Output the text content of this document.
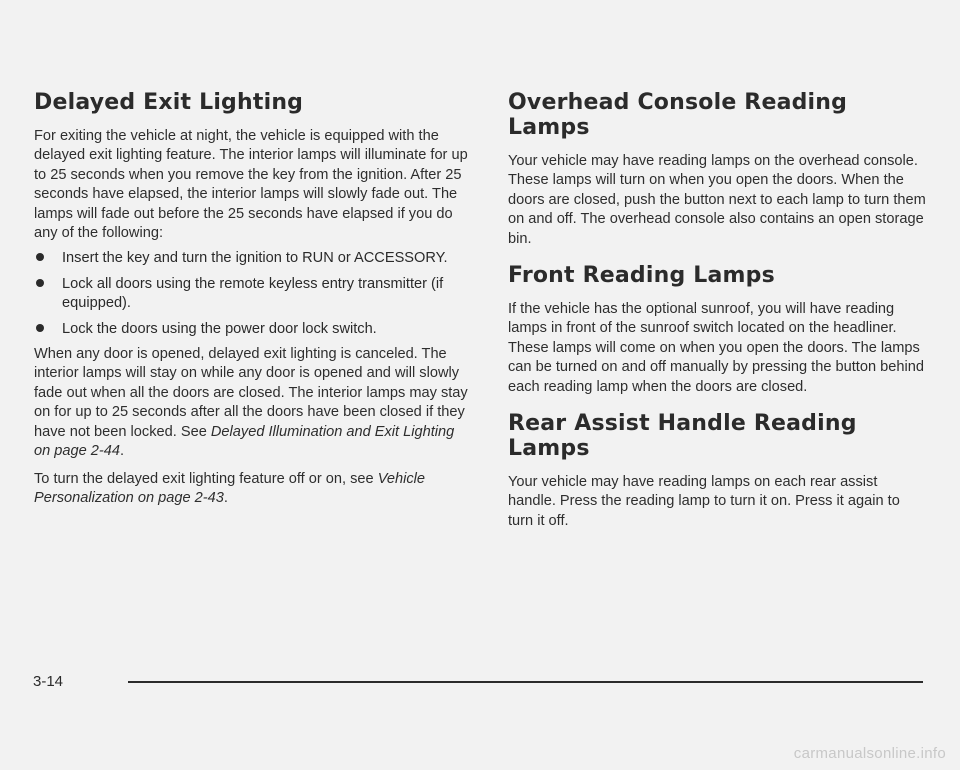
Delayed Exit Lighting

For exiting the vehicle at night, the vehicle is equipped with the delayed exit lighting feature. The interior lamps will illuminate for up to 25 seconds when you remove the key from the ignition. After 25 seconds have elapsed, the interior lamps will slowly fade out. The lamps will fade out before the 25 seconds have elapsed if you do any of the following:

Insert the key and turn the ignition to RUN or ACCESSORY.
Lock all doors using the remote keyless entry transmitter (if equipped).
Lock the doors using the power door lock switch.

When any door is opened, delayed exit lighting is canceled. The interior lamps will stay on while any door is opened and will slowly fade out when all the doors are closed. The interior lamps may stay on for up to 25 seconds after all the doors have been closed if they have not been locked. See Delayed Illumination and Exit Lighting on page 2-44.

To turn the delayed exit lighting feature off or on, see Vehicle Personalization on page 2-43.

Overhead Console Reading Lamps

Your vehicle may have reading lamps on the overhead console. These lamps will turn on when you open the doors. When the doors are closed, push the button next to each lamp to turn them on and off. The overhead console also contains an open storage bin.

Front Reading Lamps

If the vehicle has the optional sunroof, you will have reading lamps in front of the sunroof switch located on the headliner. These lamps will come on when you open the doors. The lamps can be turned on and off manually by pressing the button behind each reading lamp when the doors are closed.

Rear Assist Handle Reading Lamps

Your vehicle may have reading lamps on each rear assist handle. Press the reading lamp to turn it on. Press it again to turn it off.

3-14
carmanualsonline.info
